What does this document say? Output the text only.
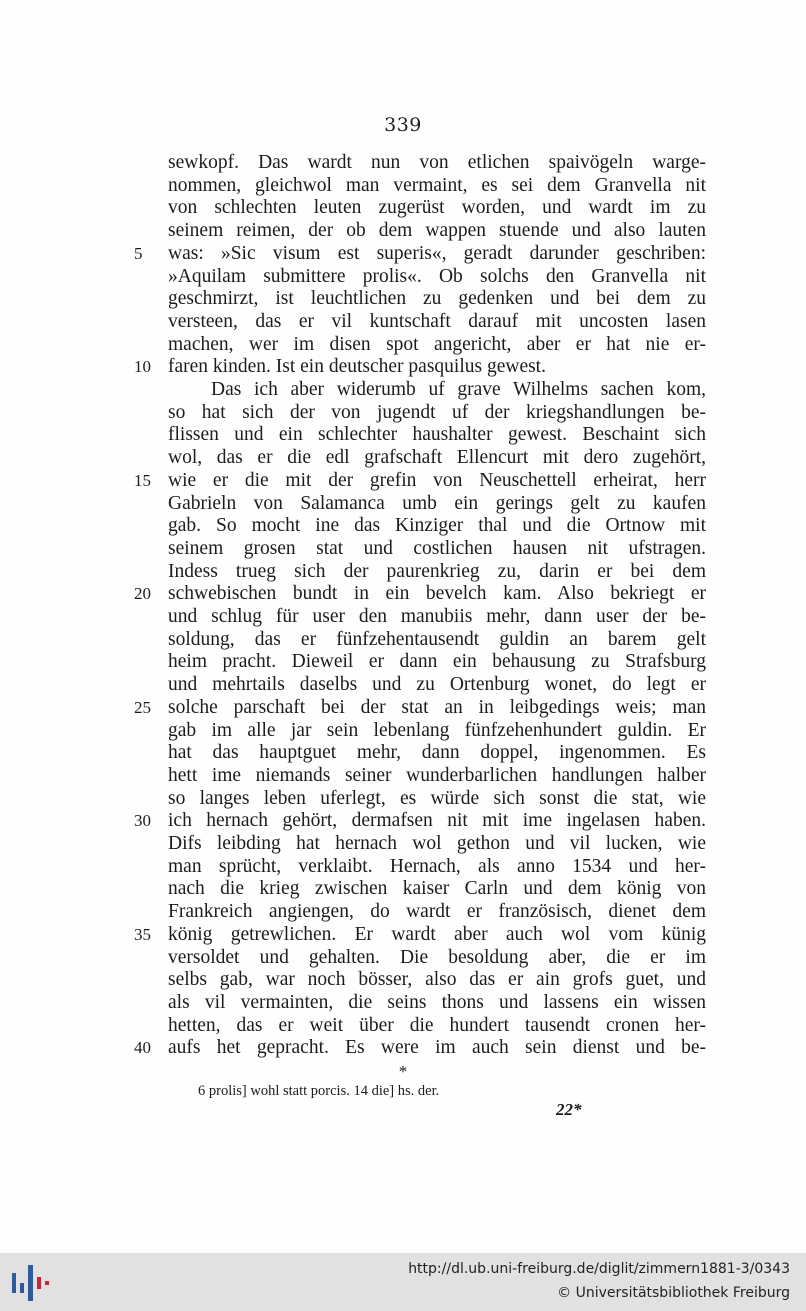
339
sewkopf. Das wardt nun von etlichen spaivögeln warge-
nommen, gleichwol man vermaint, es sei dem Granvella nit
von schlechten leuten zugerüst worden, und wardt im zu
seinem reimen, der ob dem wappen stuende und also lauten
was: »Sic visum est superis«, geradt darunder geschriben:
5
»Aquilam submittere prolis«. Ob solchs den Granvella nit
geschmirzt, ist leuchtlichen zu gedenken und bei dem zu
versteen, das er vil kuntschaft darauf mit uncosten lasen
machen, wer im disen spot angericht, aber er hat nie er-
faren kinden. Ist ein deutscher pasquilus gewest.
10
Das ich aber widerumb uf grave Wilhelms sachen kom,
so hat sich der von jugendt uf der kriegshandlungen be-
flissen und ein schlechter haushalter gewest. Beschaint sich
wol, das er die edl grafschaft Ellencurt mit dero zugehört,
wie er die mit der grefin von Neuschettell erheirat, herr
15
Gabrieln von Salamanca umb ein gerings gelt zu kaufen
gab. So mocht ine das Kinziger thal und die Ortnow mit
seinem grosen stat und costlichen hausen nit ufstragen.
Indess trueg sich der paurenkrieg zu, darin er bei dem
schwebischen bundt in ein bevelch kam. Also bekriegt er
20
und schlug für user den manubiis mehr, dann user der be-
soldung, das er fünfzehentausendt guldin an barem gelt
heim pracht. Dieweil er dann ein behausung zu Strafsburg
und mehrtails daselbs und zu Ortenburg wonet, do legt er
solche parschaft bei der stat an in leibgedings weis; man
25
gab im alle jar sein lebenlang fünfzehenhundert guldin. Er
hat das hauptguet mehr, dann doppel, ingenommen. Es
hett ime niemands seiner wunderbarlichen handlungen halber
so langes leben uferlegt, es würde sich sonst die stat, wie
ich hernach gehört, dermafsen nit mit ime ingelasen haben.
30
Difs leibding hat hernach wol gethon und vil lucken, wie
man sprücht, verklaibt. Hernach, als anno 1534 und her-
nach die krieg zwischen kaiser Carln und dem könig von
Frankreich angiengen, do wardt er französisch, dienet dem
könig getrewlichen. Er wardt aber auch wol vom künig
35
versoldet und gehalten. Die besoldung aber, die er im
selbs gab, war noch bösser, also das er ain grofs guet, und
als vil vermainten, die seins thons und lassens ein wissen
hetten, das er weit über die hundert tausendt cronen her-
aufs het gepracht. Es were im auch sein dienst und be-
40
*
6 prolis] wohl statt porcis. 14 die] hs. der.
22*
http://dl.ub.uni-freiburg.de/diglit/zimmern1881-3/0343
© Universitätsbibliothek Freiburg
